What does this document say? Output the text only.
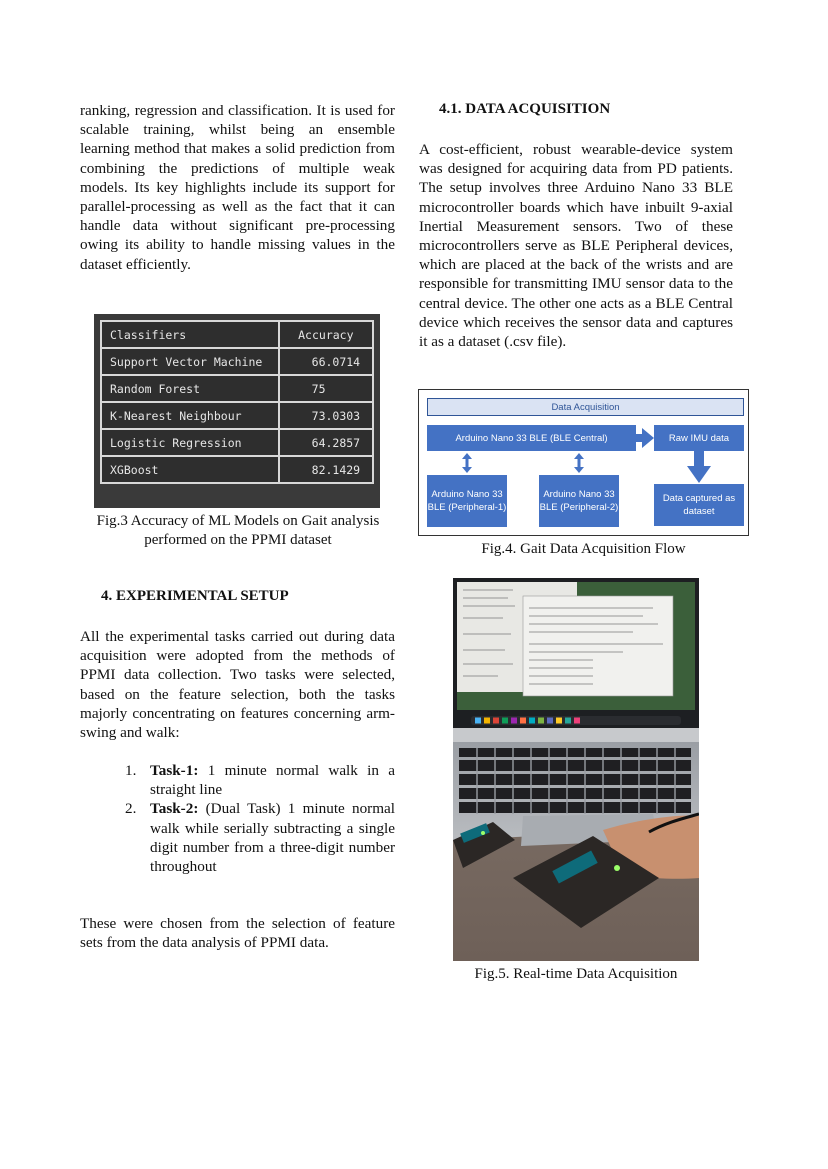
ranking, regression and classification. It is used for scalable training, whilst being an ensemble learning method that makes a solid prediction from combining the predictions of multiple weak models. Its key highlights include its support for parallel-processing as well as the fact that it can handle data without significant pre-processing owing its ability to handle missing values in the dataset efficiently.

Classifiers	Accuracy
Support Vector Machine	66.0714
Random Forest	75
K-Nearest Neighbour	73.0303
Logistic Regression	64.2857
XGBoost	82.1429
Fig.3 Accuracy of ML Models on Gait analysis performed on the PPMI dataset
4. EXPERIMENTAL SETUP

All the experimental tasks carried out during data acquisition were adopted from the methods of PPMI data collection. Two tasks were selected, based on the feature selection, both the tasks majorly concentrating on features concerning arm-swing and walk:

1. Task-1: 1 minute normal walk in a straight line
2. Task-2: (Dual Task) 1 minute normal walk while serially subtracting a single digit number from a three-digit number throughout

These were chosen from the selection of feature sets from the data analysis of PPMI data.

4.1. DATA ACQUISITION

A cost-efficient, robust wearable-device system was designed for acquiring data from PD patients. The setup involves three Arduino Nano 33 BLE microcontroller boards which have inbuilt 9-axial Inertial Measurement sensors. Two of these microcontrollers serve as BLE Peripheral devices, which are placed at the back of the wrists and are responsible for transmitting IMU sensor data to the central device. The other one acts as a BLE Central device which receives the sensor data and captures it as a dataset (.csv file).

Data Acquisition
Arduino Nano 33 BLE (BLE Central)	Raw IMU data
Arduino Nano 33 BLE (Peripheral-1)
Arduino Nano 33 BLE (Peripheral-2)
Data captured as dataset
Fig.4. Gait Data Acquisition Flow
Fig.5. Real-time Data Acquisition
